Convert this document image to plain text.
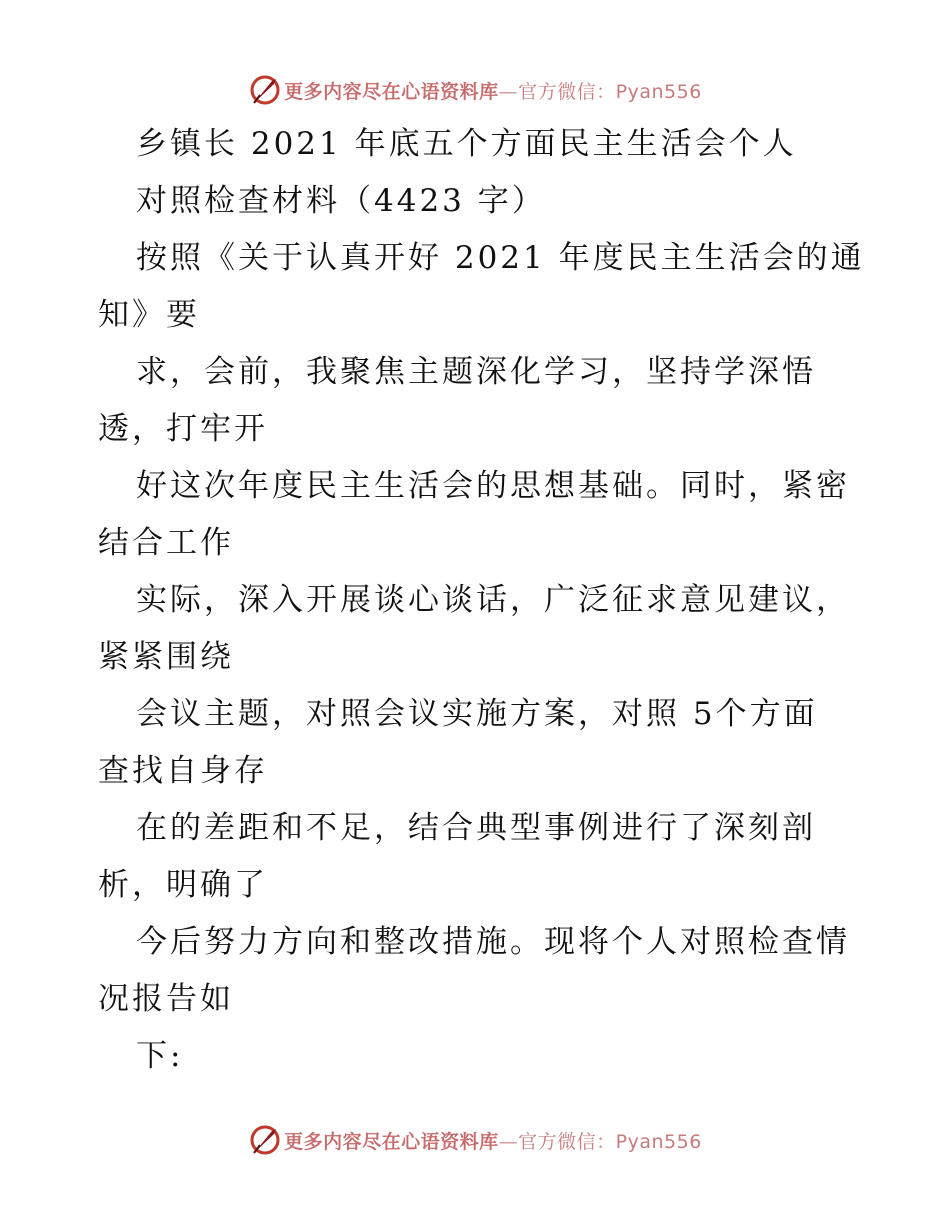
更多内容尽在心语资料库—官方微信：Pyan556
乡镇长 2021 年底五个方面民主生活会个人
对照检查材料（4423 字）
按照《关于认真开好 2021 年度民主生活会的通
知》要
求，会前，我聚焦主题深化学习，坚持学深悟
透，打牢开
好这次年度民主生活会的思想基础。同时，紧密
结合工作
实际，深入开展谈心谈话，广泛征求意见建议，
紧紧围绕
会议主题，对照会议实施方案，对照 5个方面
查找自身存
在的差距和不足，结合典型事例进行了深刻剖
析，明确了
今后努力方向和整改措施。现将个人对照检查情
况报告如
下:
更多内容尽在心语资料库—官方微信：Pyan556
